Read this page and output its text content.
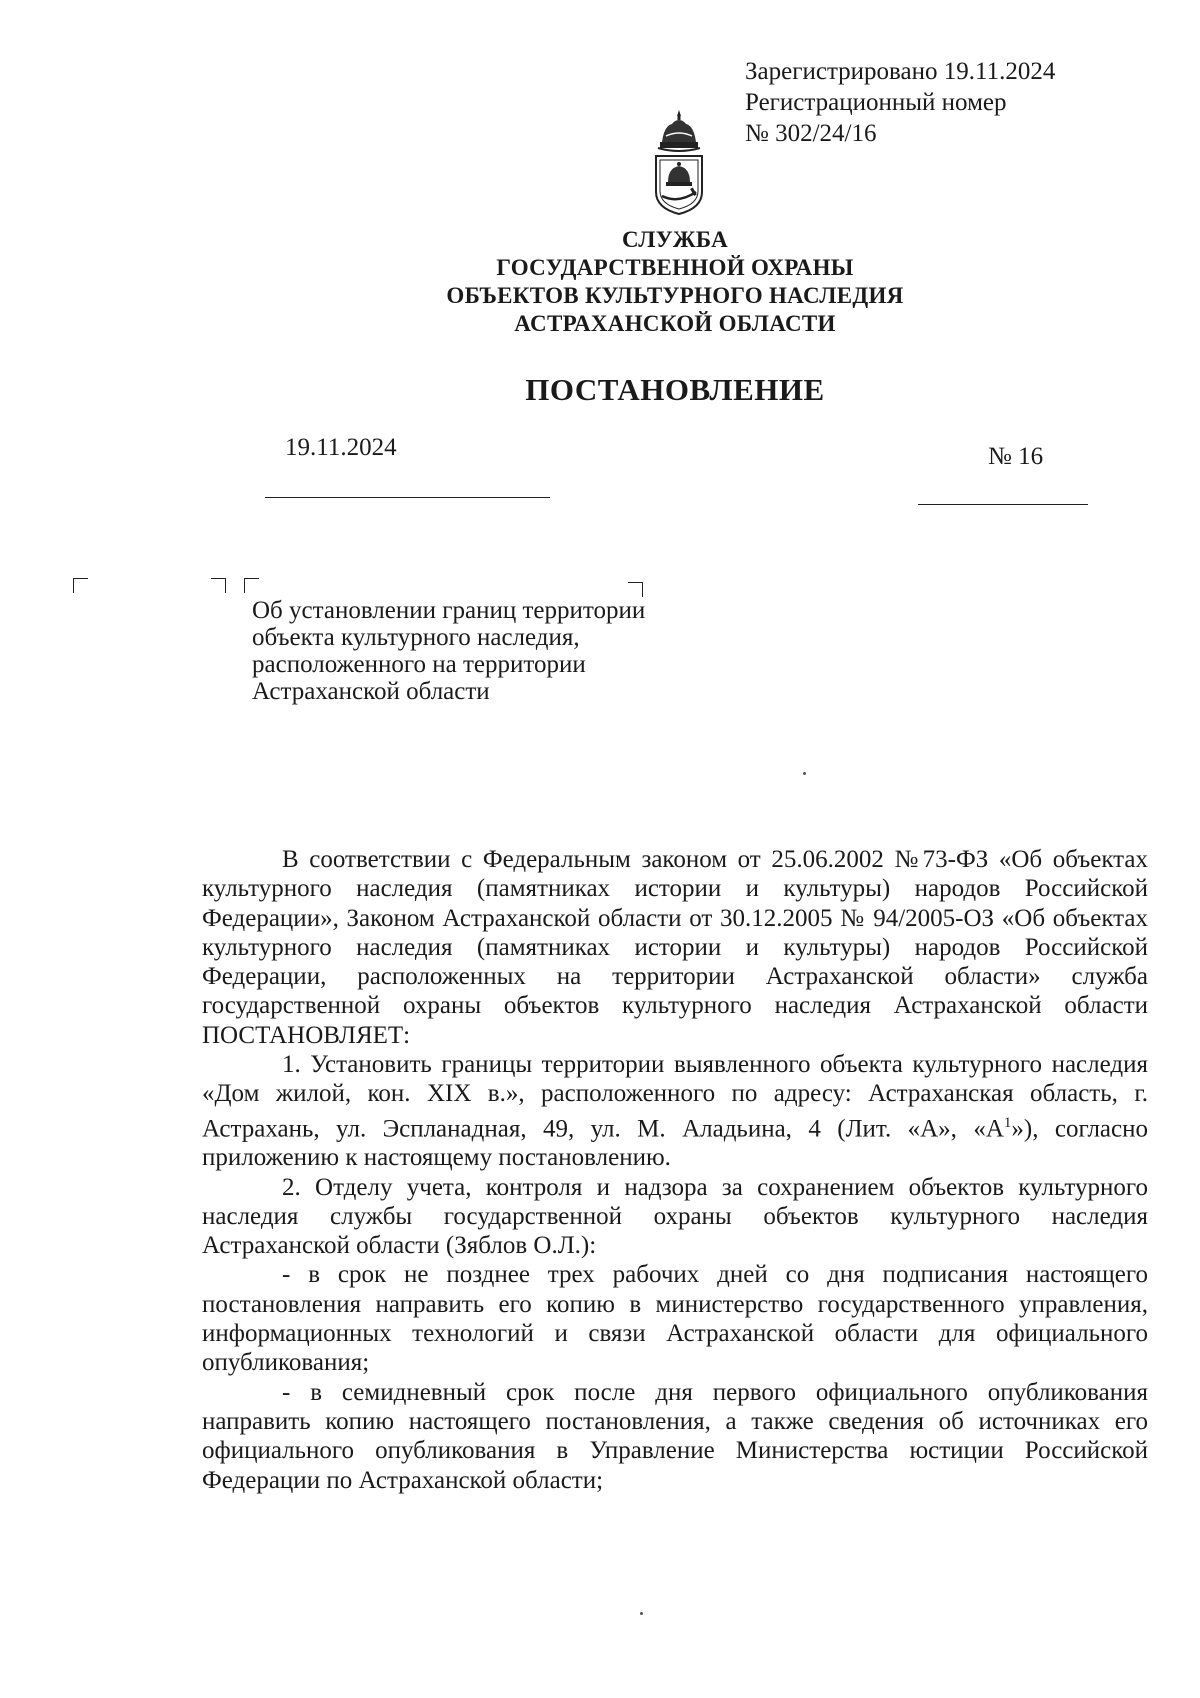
Зарегистрировано 19.11.2024
Регистрационный номер
№ 302/24/16
СЛУЖБА
ГОСУДАРСТВЕННОЙ ОХРАНЫ
ОБЪЕКТОВ КУЛЬТУРНОГО НАСЛЕДИЯ
АСТРАХАНСКОЙ ОБЛАСТИ
ПОСТАНОВЛЕНИЕ
19.11.2024	№ 16
Об установлении границ территории объекта культурного наследия, расположенного на территории Астраханской области

В соответствии с Федеральным законом от 25.06.2002 №73-ФЗ «Об объектах культурного наследия (памятниках истории и культуры) народов Российской Федерации», Законом Астраханской области от 30.12.2005 № 94/2005-ОЗ «Об объектах культурного наследия (памятниках истории и культуры) народов Российской Федерации, расположенных на территории Астраханской области» служба государственной охраны объектов культурного наследия Астраханской области ПОСТАНОВЛЯЕТ:

1. Установить границы территории выявленного объекта культурного наследия «Дом жилой, кон. XIX в.», расположенного по адресу: Астраханская область, г. Астрахань, ул. Эспланадная, 49, ул. М. Аладьина, 4 (Лит. «А», «$А^1$»), согласно приложению к настоящему постановлению.

2. Отделу учета, контроля и надзора за сохранением объектов культурного наследия службы государственной охраны объектов культурного наследия Астраханской области (Зяблов О.Л.):

- в срок не позднее трех рабочих дней со дня подписания настоящего постановления направить его копию в министерство государственного управления, информационных технологий и связи Астраханской области для официального опубликования;

- в семидневный срок после дня первого официального опубликования направить копию настоящего постановления, а также сведения об источниках его официального опубликования в Управление Министерства юстиции Российской Федерации по Астраханской области;
